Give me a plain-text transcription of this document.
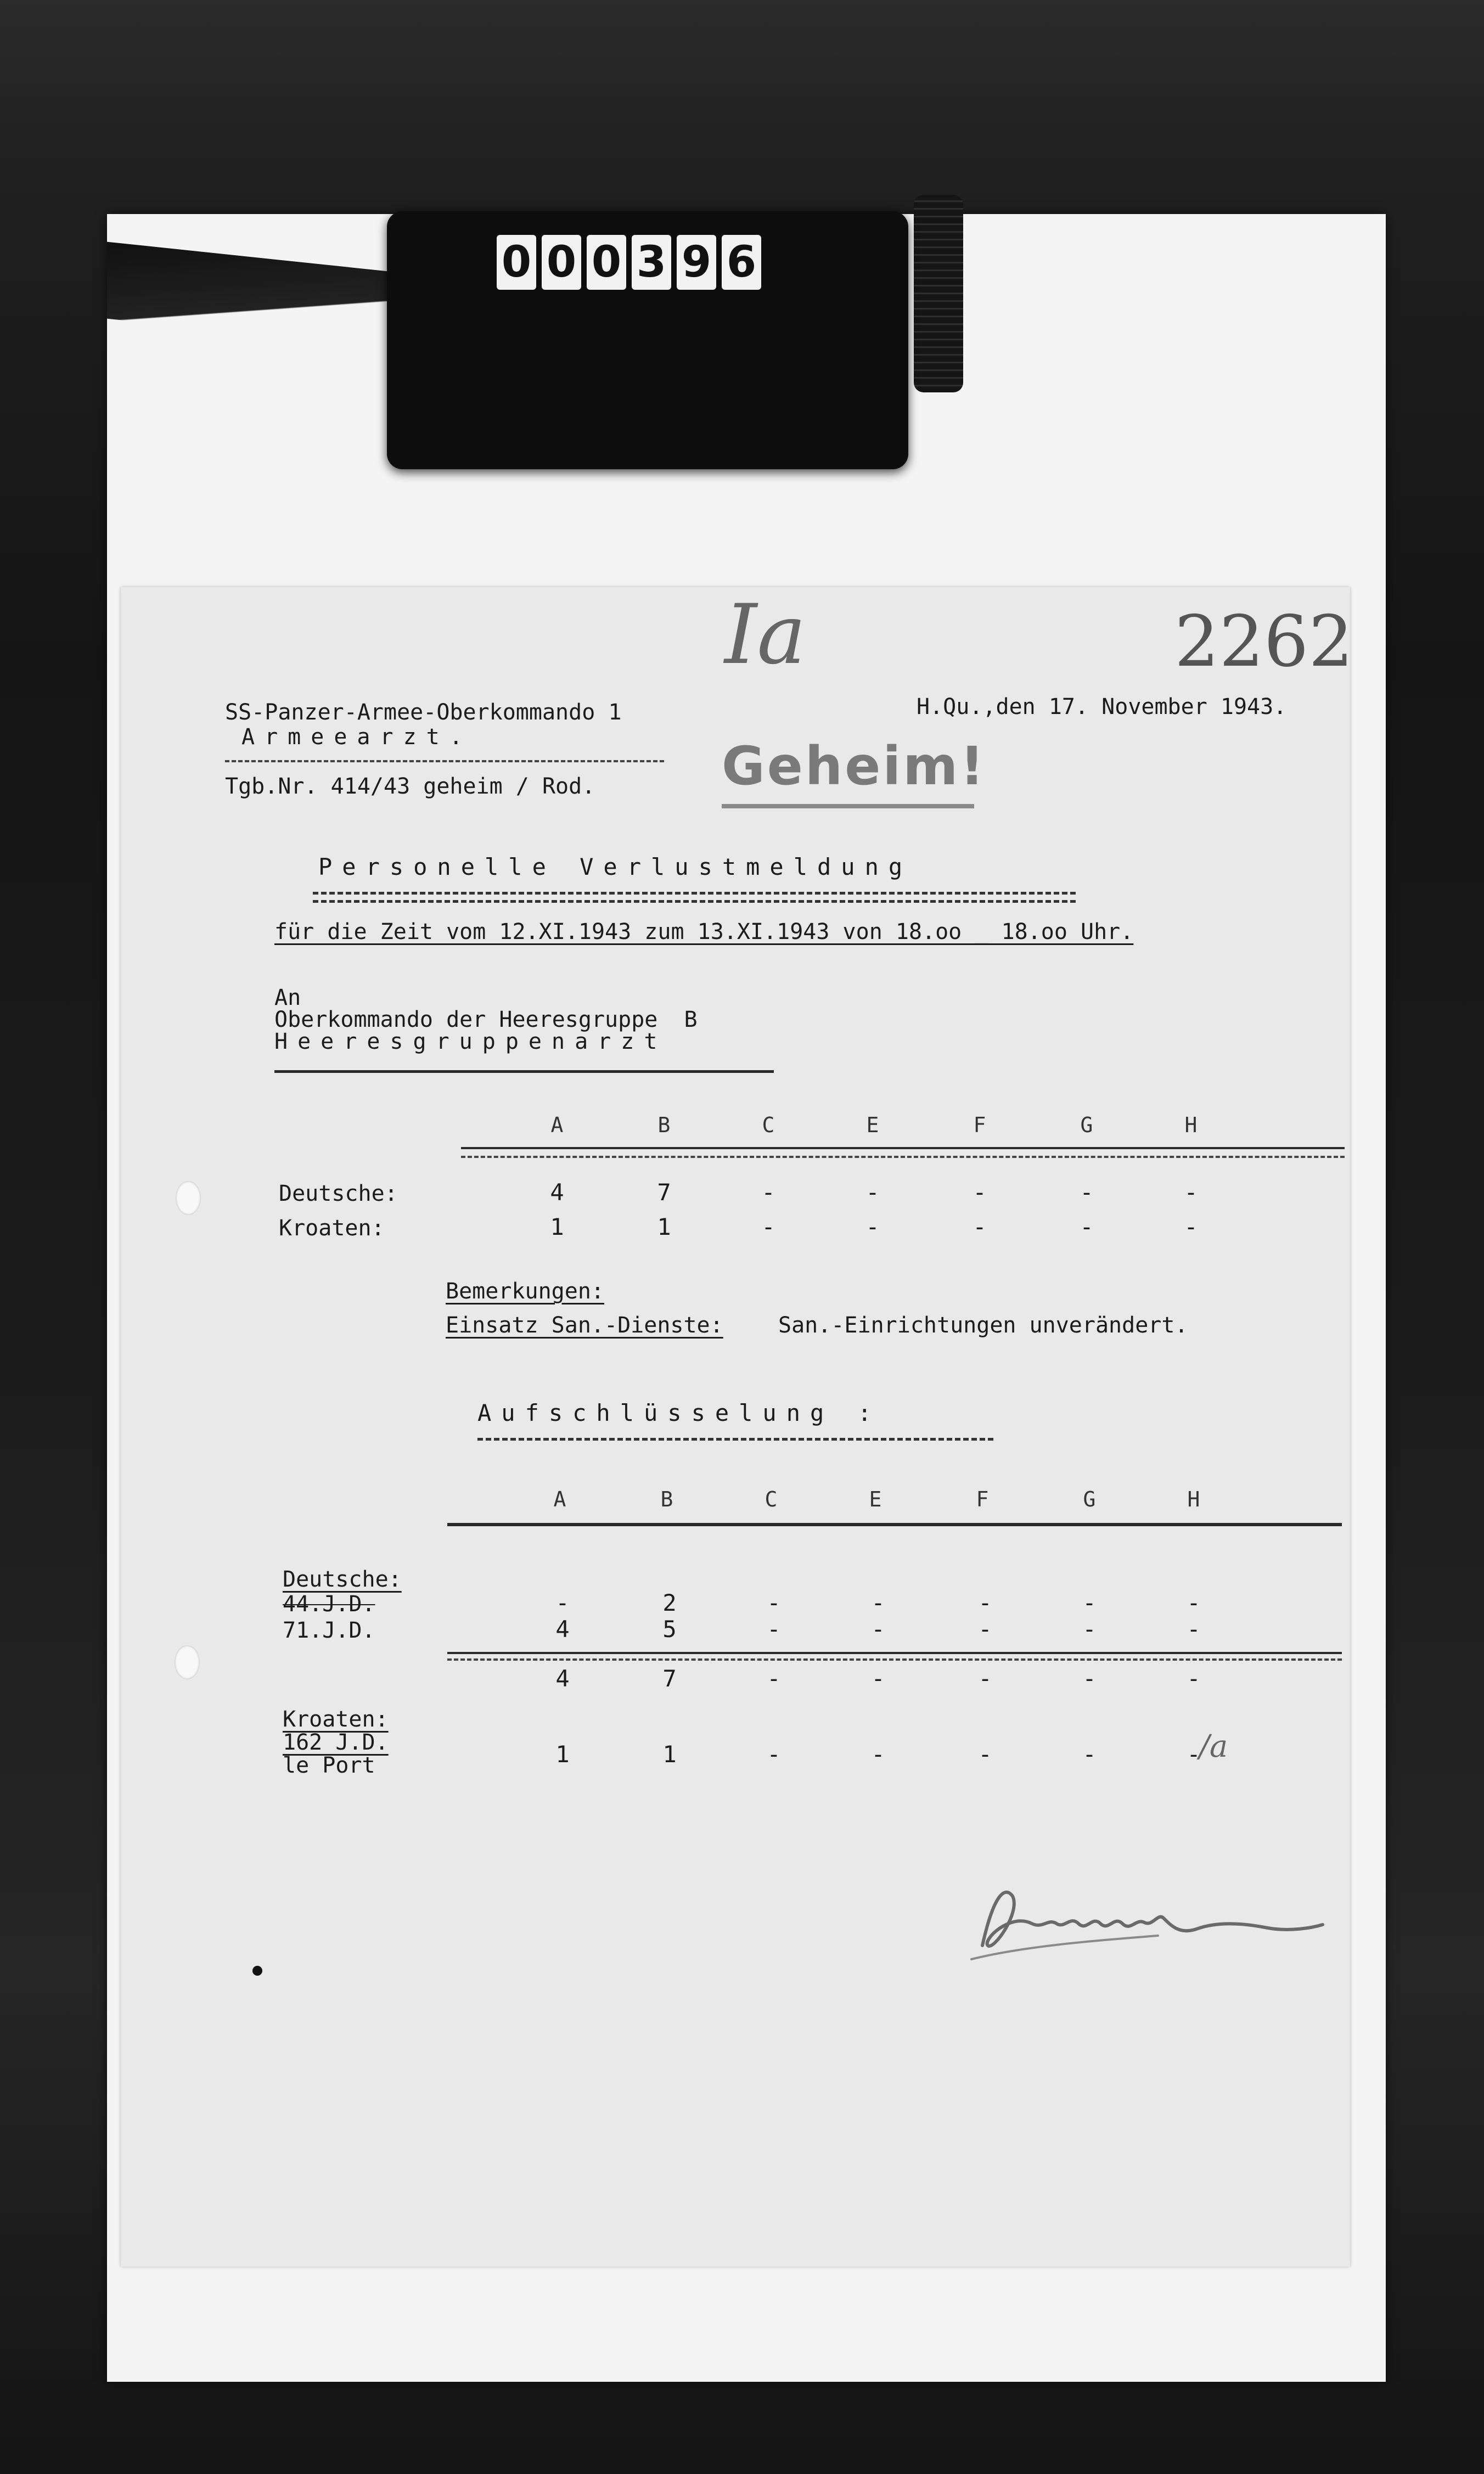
0 0 0 3 9 6
Ia	2262
SS-Panzer-Armee-Oberkommando 1
Armeearzt.
Tgb.Nr. 414/43 geheim / Rod.
H.Qu.,den 17. November 1943.
Geheim!
Personelle Verlustmeldung
für die Zeit vom 12.XI.1943 zum 13.XI.1943 von 18.oo _ 18.oo Uhr.
An
Oberkommando der Heeresgruppe  B
Heeresgruppenarzt
A	B	C	E	F	G	H
Deutsche:	4	7	-	-	-	-	-
Kroaten:	1	1	-	-	-	-	-
Bemerkungen:
Einsatz San.-Dienste:	San.-Einrichtungen unverändert.
Aufschlüsselung :
A	B	C	E	F	G	H
Deutsche:
44.J.D.	-	2	-	-	-	-	-
71.J.D.	4	5	-	-	-	-	-
4	7	-	-	-	-	-
Kroaten:
162 J.D.
le Port	1	1	-	-	-	-	-
/a
